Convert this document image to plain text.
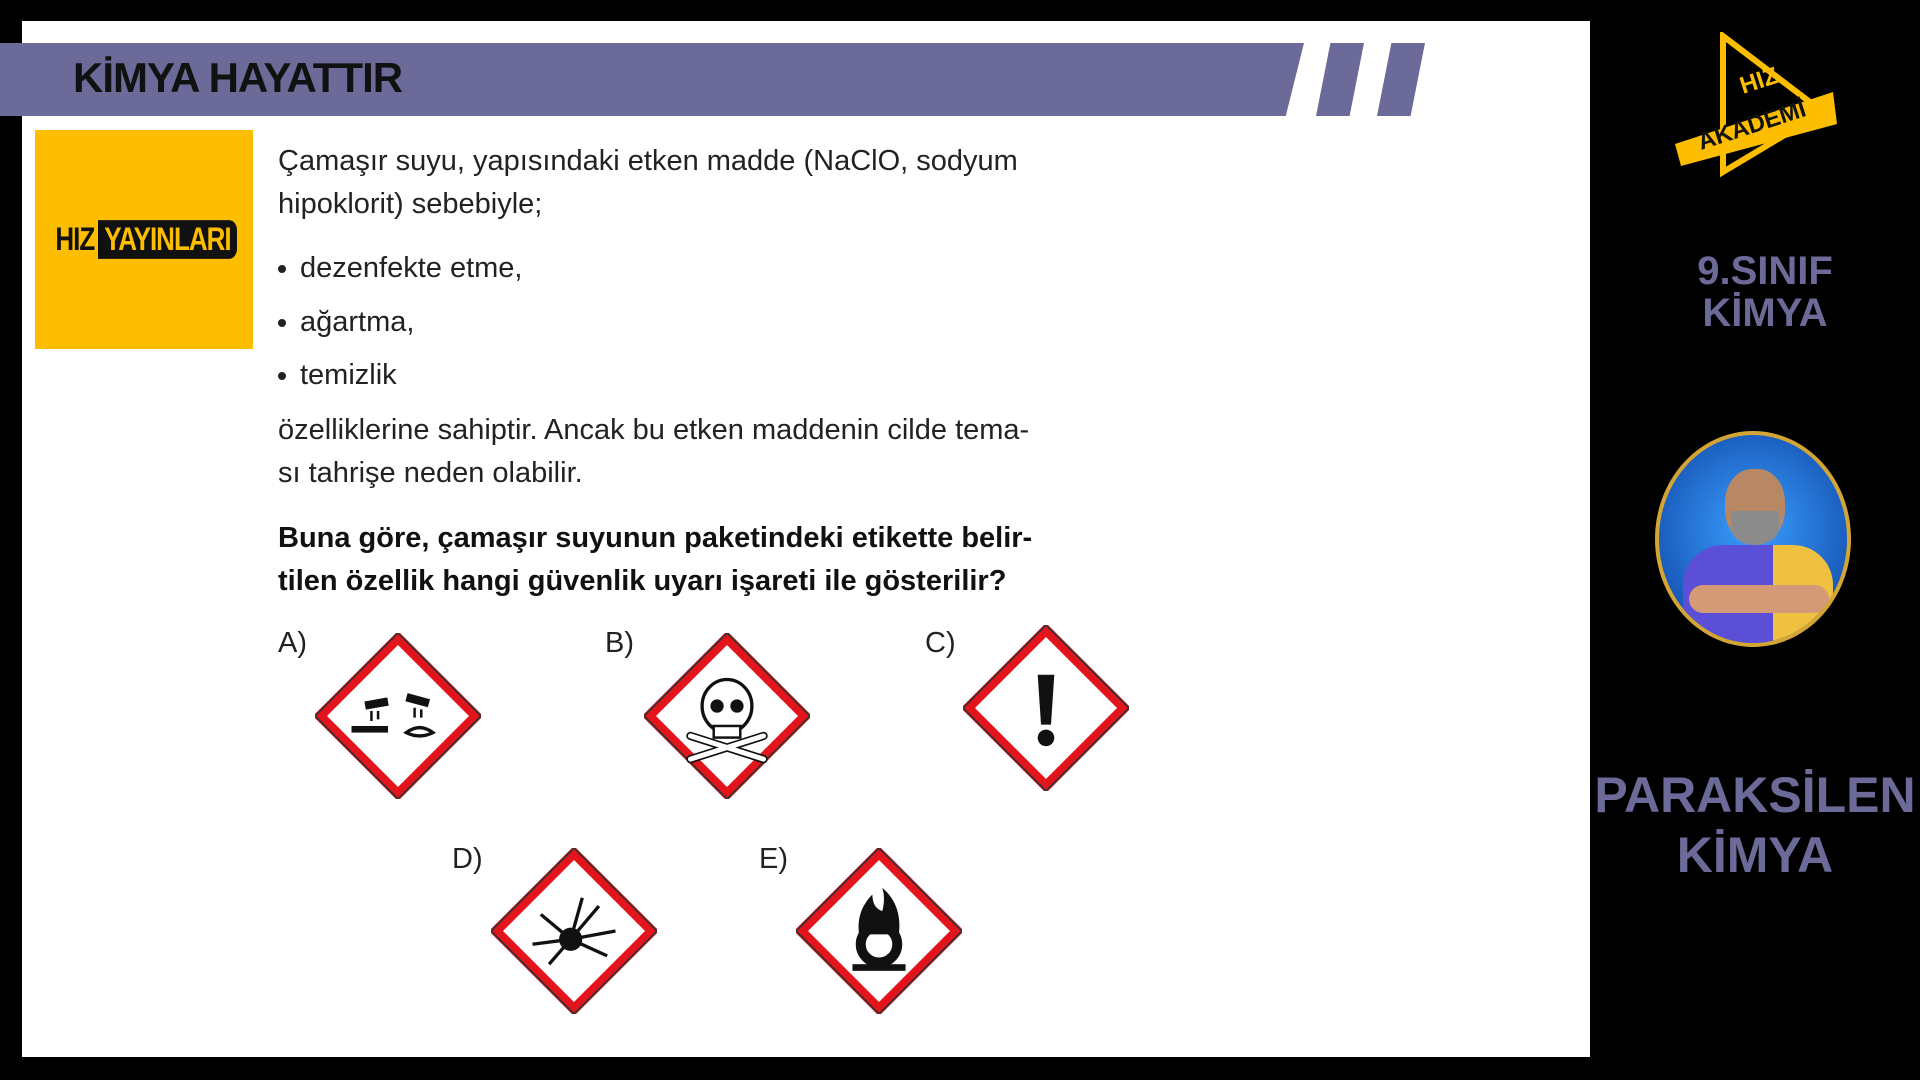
KİMYA HAYATTIR
HIZ YAYINLARI
Çamaşır suyu, yapısındaki etken madde (NaClO, sodyum
hipoklorit) sebebiyle;
dezenfekte etme,
ağartma,
temizlik
özelliklerine sahiptir. Ancak bu etken maddenin cilde tema-
sı tahrişe neden olabilir.
Buna göre, çamaşır suyunun paketindeki etikette belir-
tilen özellik hangi güvenlik uyarı işareti ile gösterilir?
A)	B)	C)
D)	E)
HIZ
AKADEMİ
9.SINIF
KİMYA
PARAKSİLEN
KİMYA
